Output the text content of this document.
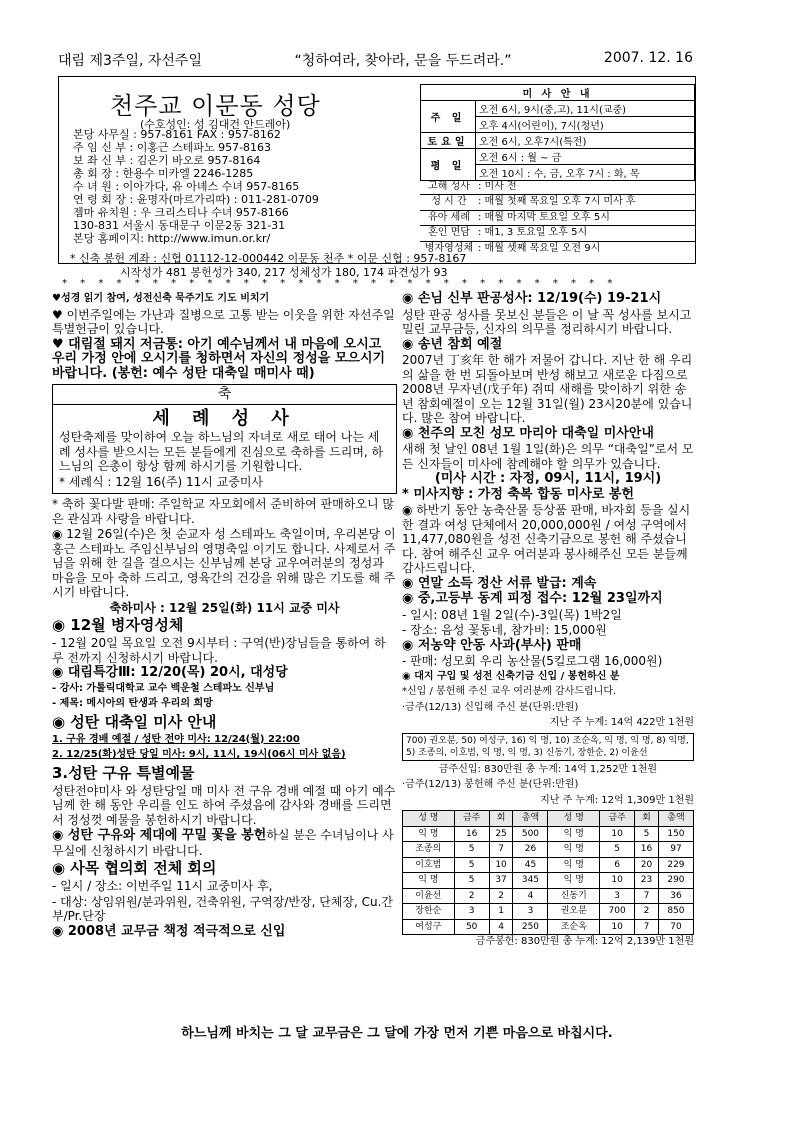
대림 제3주일, 자선주일	“청하여라, 찾아라, 문을 두드려라.”	2007. 12. 16
천주교 이문동 성당
(수호성인: 성 김대건 안드레아)
본당 사무실 : 957-8161 FAX : 957-8162
주 임 신 부 : 이홍근 스테파노 957-8163
보 좌 신 부 : 김은기 바오로 957-8164
총 회 장 : 한용수 미카엘 2246-1285
수 녀 원 : 이아가다, 유 아녜스 수녀 957-8165
연 령 회 장 : 윤명자(마르가리따) : 011-281-0709
젬마 유치원 : 우 크리스티나 수녀 957-8166
130-831 서울시 동대문구 이문2동 321-31
본당 홈페이지: http://www.imun.or.kr/
미 사 안 내	
주 일	오전 6시, 9시(중,고), 11시(교중)
	오후 4시(어린이), 7시(청년)
토요일	오전 6시, 오후7시(특전)
평 일	오전 6시 : 월 ~ 금
	오전 10시 : 수, 금, 오후 7시 : 화, 목
고해 성사 : 미사 전
성 시 간 : 매월 첫째 목요일 오후 7시 미사 후
유아 세례 : 매월 마지막 토요일 오후 5시
혼인 면담 : 매1, 3 토요일 오후 5시
병자영성체 : 매월 셋째 목요일 오전 9시
* 신축 봉헌 계좌 : 신협 01112-12-000442 이문동 천주 * 이문 신협 : 957-8167
시작성가 481 봉헌성가 340, 217 성체성가 180, 174 파견성가 93
* * * * * * * * * * * * * * * * * * * * * * * * * * * * * * *

♥성경 읽기 참여, 성전신축 묵주기도 기도 비치기

♥ 이번주일에는 가난과 질병으로 고통 받는 이웃을 위한 자선주일 특별헌금이 있습니다.

♥ 대림절 돼지 저금통: 아기 예수님께서 내 마음에 오시고 우리 가정 안에 오시기를 청하면서 자신의 정성을 모으시기 바랍니다. (봉헌: 예수 성탄 대축일 매미사 때)

축
세 례 성 사

성탄축제를 맞이하여 오늘 하느님의 자녀로 새로 태어 나는 세례 성사를 받으시는 모든 분들에게 진심으로 축하를 드리며, 하느님의 은총이 항상 함께 하시기를 기원합니다.

* 세례식 : 12월 16(주) 11시 교중미사

* 축하 꽃다발 판매: 주일학교 자모회에서 준비하여 판매하오니 많은 관심과 사랑을 바랍니다.

◉ 12월 26일(수)은 첫 순교자 성 스테파노 축일이며, 우리본당 이홍근 스테파노 주임신부님의 영명축일 이기도 합니다. 사제로서 주님을 위해 한 길을 걸으시는 신부님께 본당 교우여러분의 정성과 마음을 모아 축하 드리고, 영육간의 건강을 위해 많은 기도를 해 주시기 바랍니다.

축하미사 : 12월 25일(화) 11시 교중 미사

◉ 12월 병자영성체

- 12월 20일 목요일 오전 9시부터 : 구역(반)장님들을 통하여 하루 전까지 신청하시기 바랍니다.

◉ 대림특강Ⅲ: 12/20(목) 20시, 대성당

- 강사: 가톨릭대학교 교수 백운철 스테파노 신부님

- 제목: 메시아의 탄생과 우리의 희망

◉ 성탄 대축일 미사 안내

1. 구유 경배 예절 / 성탄 전야 미사: 12/24(월) 22:00

2. 12/25(화)성탄 당일 미사: 9시, 11시, 19시(06시 미사 없음)

3.성탄 구유 특별예물

성탄전야미사 와 성탄당일 매 미사 전 구유 경배 예절 때 아기 예수님께 한 해 동안 우리를 인도 하여 주셨음에 감사와 경배를 드리면서 정성껏 예물을 봉헌하시기 바랍니다.

◉ 성탄 구유와 제대에 꾸밀 꽃을 봉헌하실 분은 수녀님이나 사무실에 신청하시기 바랍니다.

◉ 사목 협의회 전체 회의

- 일시 / 장소: 이번주일 11시 교중미사 후,

- 대상: 상임위원/분과위원, 건축위원, 구역장/반장, 단체장, Cu.간부/Pr.단장

◉ 2008년 교무금 책정 적극적으로 신입

◉ 손님 신부 판공성사: 12/19(수) 19-21시

성탄 판공 성사를 못보신 분들은 이 날 꼭 성사를 보시고 밀린 교무금등, 신자의 의무를 정리하시기 바랍니다.

◉ 송년 참회 예절

2007년 丁亥年 한 해가 저물어 갑니다. 지난 한 해 우리의 삶을 한 번 되돌아보며 반성 해보고 새로운 다짐으로 2008년 무자년(戊子年) 쥐띠 새해를 맞이하기 위한 송년 참회예절이 오는 12월 31일(월) 23시20분에 있습니다. 많은 참여 바랍니다.

◉ 천주의 모친 성모 마리아 대축일 미사안내

새해 첫 날인 08년 1월 1일(화)은 의무 “대축일”로서 모든 신자들이 미사에 참례해야 할 의무가 있습니다.

(미사 시간 : 자정, 09시, 11시, 19시)

* 미사지향 : 가정 축복 합동 미사로 봉헌

◉ 하반기 동안 농축산물 등상품 판매, 바자회 등을 실시한 결과 여성 단체에서 20,000,000원 / 여성 구역에서 11,477,080원을 성전 신축기금으로 봉헌 해 주셨습니다. 참여 해주신 교우 여러분과 봉사해주신 모든 분들께 감사드립니다.

◉ 연말 소득 정산 서류 발급: 계속

◉ 중,고등부 동계 피정 접수: 12월 23일까지

- 일시: 08년 1월 2일(수)-3일(목) 1박2일

- 장소: 음성 꽃동네, 참가비: 15,000원

◉ 저농약 안동 사과(부사) 판매

- 판매: 성모회 우리 농산물(5킬로그램 16,000원)

◉ 대지 구입 및 성전 신축기금 신입 / 봉헌하신 분

*신입 / 봉헌해 주신 교우 여러분께 감사드립니다.

·금주(12/13) 신입해 주신 분(단위:만원)

지난 주 누계: 14억 422만 1천원

700) 권오분, 50) 여성구, 16) 익 명, 10) 조순옥, 익 명, 익 명, 8) 익명, 5) 조종의, 이호범, 익 명, 익 명, 3) 신동기, 장한순, 2) 이윤선

금주신입: 830만원 총 누계: 14억 1,252만 1천원

·금주(12/13) 봉헌해 주신 분(단위:만원)

지난 주 누계: 12억 1,309만 1천원

성 명	금주	회	총액	성 명	금주	회	총액
익 명	16	25	500	익 명	10	5	150
조종의	5	7	26	익 명	5	16	97
이호범	5	10	45	익 명	6	20	229
익 명	5	37	345	익 명	10	23	290
이윤선	2	2	4	신동기	3	7	36
장한순	3	1	3	권오분	700	2	850
여성구	50	4	250	조순옥	10	7	70

금주봉헌: 830만원 총 누계: 12억 2,139만 1천원

하느님께 바치는 그 달 교무금은 그 달에 가장 먼저 기쁜 마음으로 바칩시다.
